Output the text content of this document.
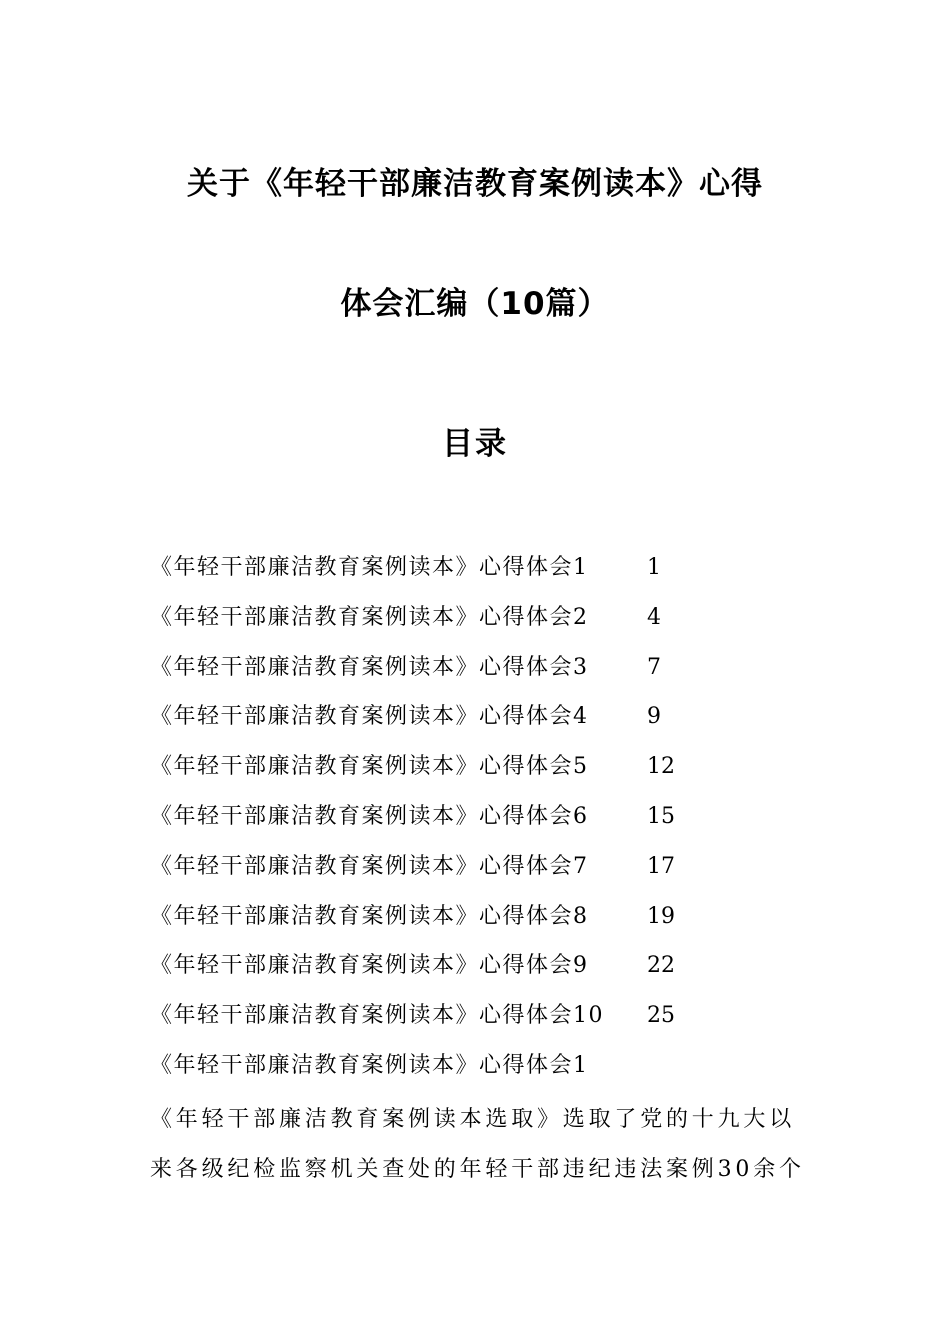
关于《年轻干部廉洁教育案例读本》心得
体会汇编（10篇）
目录
《年轻干部廉洁教育案例读本》心得体会1	1
《年轻干部廉洁教育案例读本》心得体会2	4
《年轻干部廉洁教育案例读本》心得体会3	7
《年轻干部廉洁教育案例读本》心得体会4	9
《年轻干部廉洁教育案例读本》心得体会5	12
《年轻干部廉洁教育案例读本》心得体会6	15
《年轻干部廉洁教育案例读本》心得体会7	17
《年轻干部廉洁教育案例读本》心得体会8	19
《年轻干部廉洁教育案例读本》心得体会9	22
《年轻干部廉洁教育案例读本》心得体会10 25
《年轻干部廉洁教育案例读本》心得体会1
《年轻干部廉洁教育案例读本选取》选取了党的十九大以
来各级纪检监察机关查处的年轻干部违纪违法案例30余个
